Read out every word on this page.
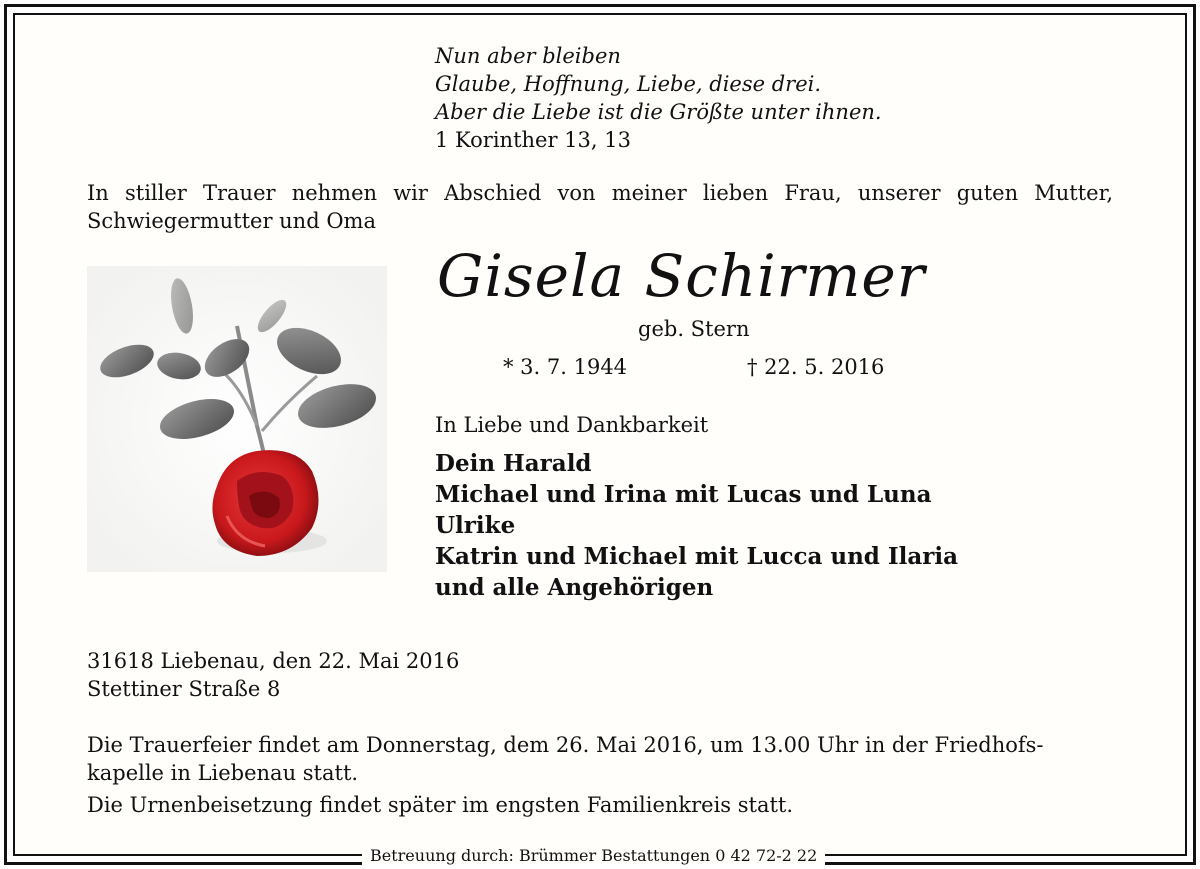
Nun aber bleiben
Glaube, Hoffnung, Liebe, diese drei.
Aber die Liebe ist die Größte unter ihnen.
1 Korinther 13, 13
In stiller Trauer nehmen wir Abschied von meiner lieben Frau, unserer guten Mutter,
Schwiegermutter und Oma
Gisela Schirmer
geb. Stern
* 3. 7. 1944	† 22. 5. 2016
In Liebe und Dankbarkeit
Dein Harald
Michael und Irina mit Lucas und Luna
Ulrike
Katrin und Michael mit Lucca und Ilaria
und alle Angehörigen
31618 Liebenau, den 22. Mai 2016
Stettiner Straße 8
Die Trauerfeier findet am Donnerstag, dem 26. Mai 2016, um 13.00 Uhr in der Friedhofs-
kapelle in Liebenau statt.
Die Urnenbeisetzung findet später im engsten Familienkreis statt.
Betreuung durch: Brümmer Bestattungen 0 42 72-2 22
